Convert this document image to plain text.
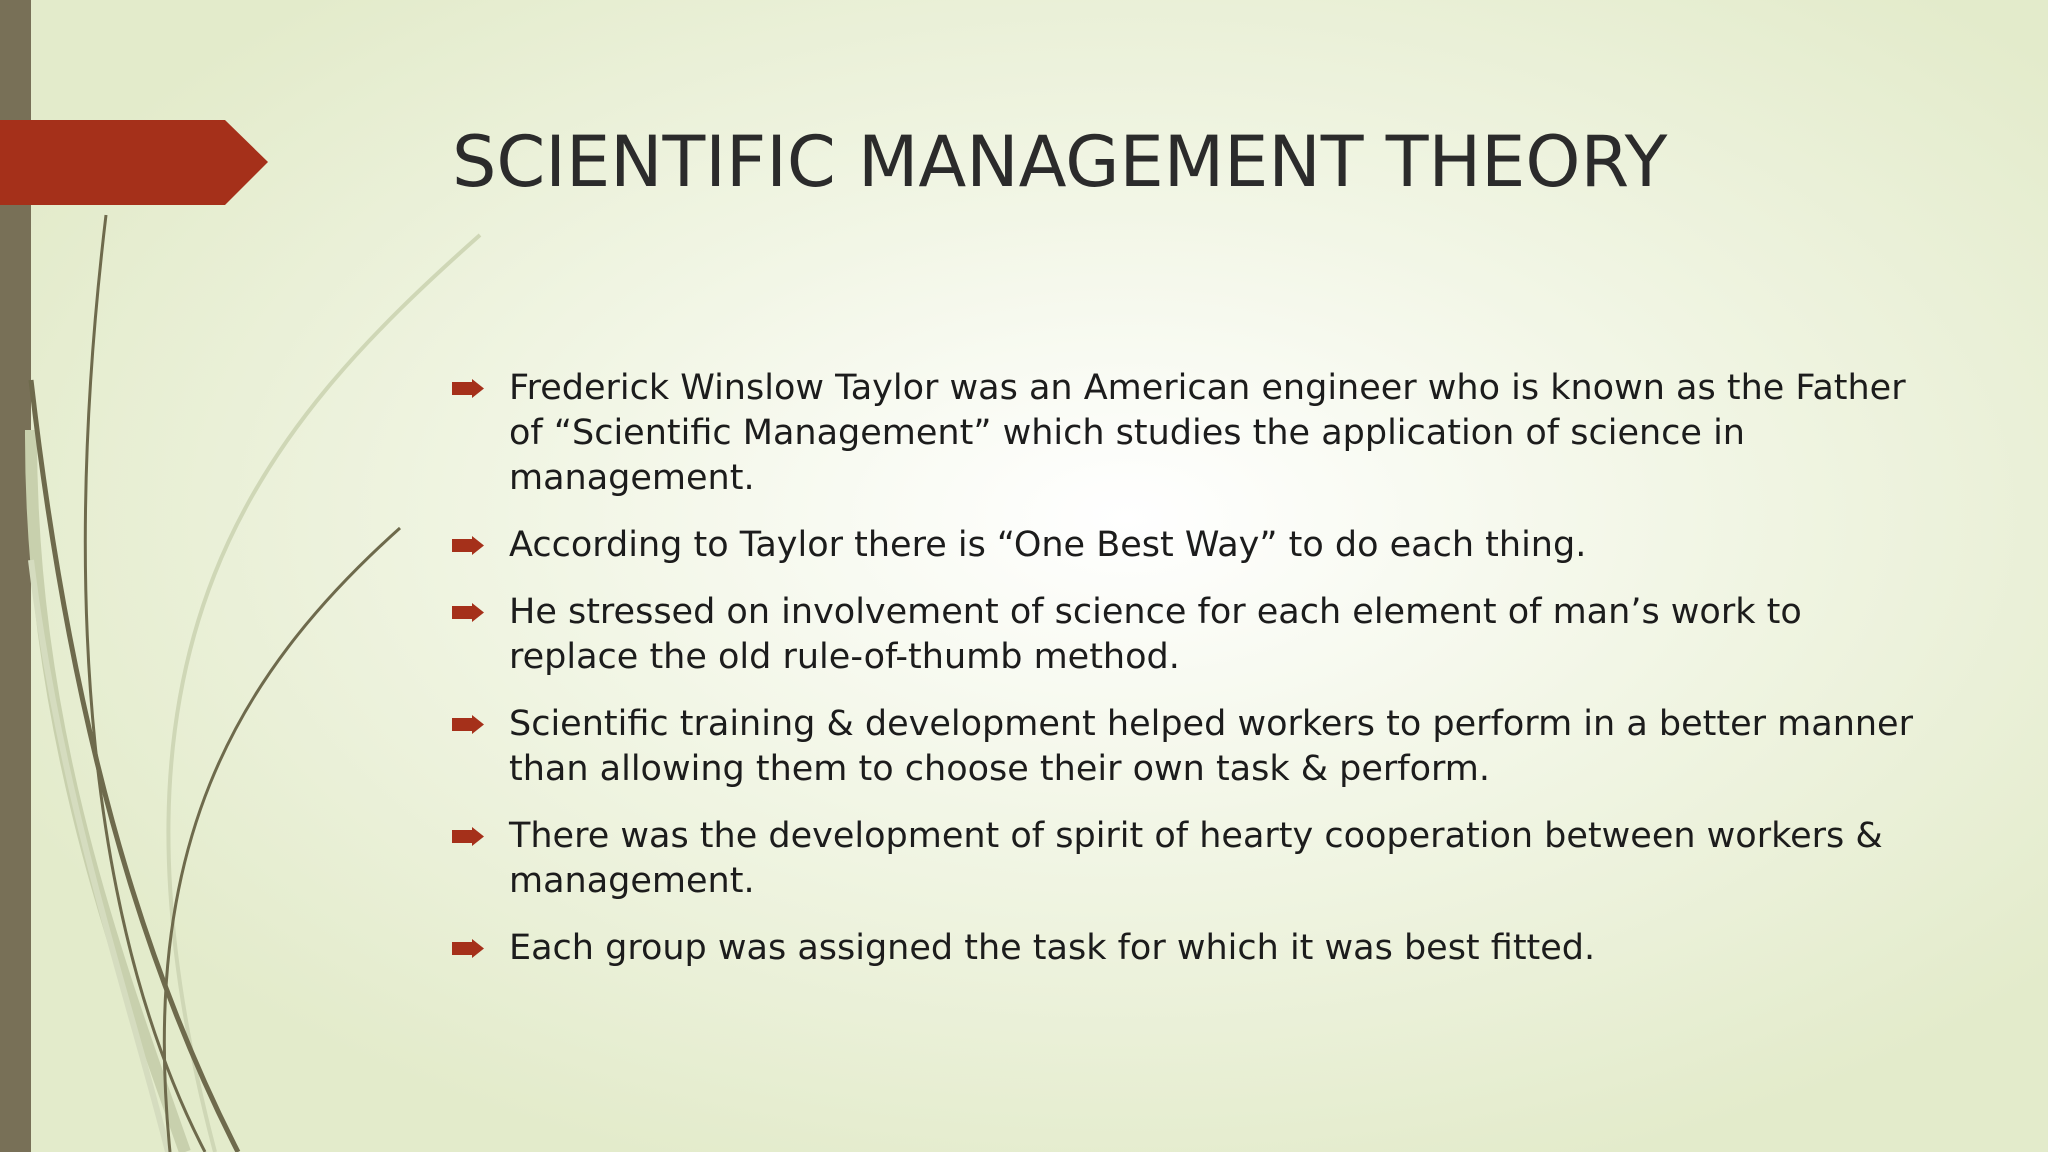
SCIENTIFIC MANAGEMENT THEORY
Frederick Winslow Taylor was an American engineer who is known as the Father of “Scientific Management” which studies the application of science in management.
According to Taylor there is “One Best Way” to do each thing.
He stressed on involvement of science for each element of man’s work to replace the old rule-of-thumb method.
Scientific training & development helped workers to perform in a better manner than allowing them to choose their own task & perform.
There was the development of spirit of hearty cooperation between workers & management.
Each group was assigned the task for which it was best fitted.
